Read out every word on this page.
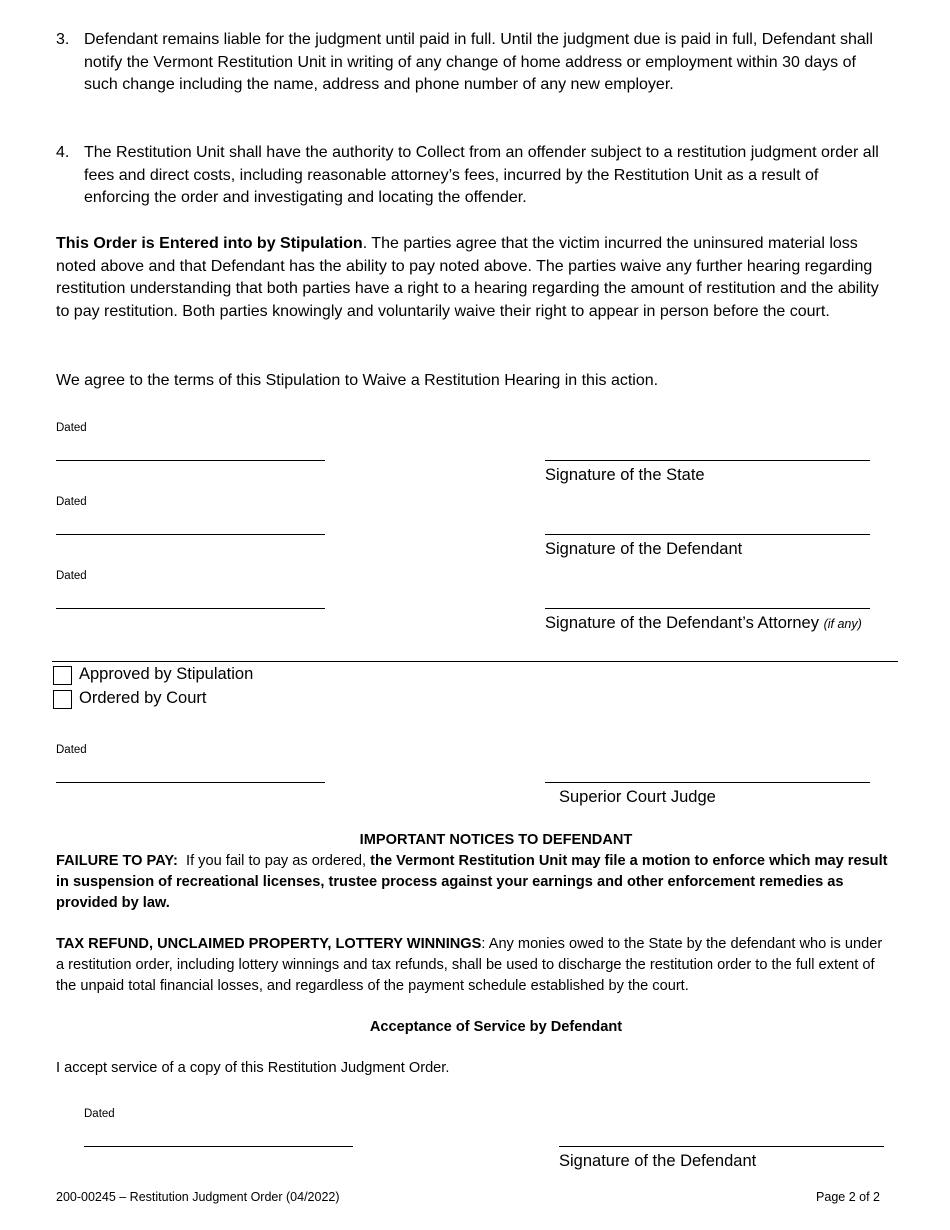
3. Defendant remains liable for the judgment until paid in full. Until the judgment due is paid in full, Defendant shall notify the Vermont Restitution Unit in writing of any change of home address or employment within 30 days of such change including the name, address and phone number of any new employer.
4. The Restitution Unit shall have the authority to Collect from an offender subject to a restitution judgment order all fees and direct costs, including reasonable attorney’s fees, incurred by the Restitution Unit as a result of enforcing the order and investigating and locating the offender.
This Order is Entered into by Stipulation. The parties agree that the victim incurred the uninsured material loss noted above and that Defendant has the ability to pay noted above. The parties waive any further hearing regarding restitution understanding that both parties have a right to a hearing regarding the amount of restitution and the ability to pay restitution. Both parties knowingly and voluntarily waive their right to appear in person before the court.
We agree to the terms of this Stipulation to Waive a Restitution Hearing in this action.
Dated
Signature of the State
Dated
Signature of the Defendant
Dated
Signature of the Defendant’s Attorney (if any)
Approved by Stipulation
Ordered by Court
Dated
Superior Court Judge
IMPORTANT NOTICES TO DEFENDANT
FAILURE TO PAY:  If you fail to pay as ordered, the Vermont Restitution Unit may file a motion to enforce which may result in suspension of recreational licenses, trustee process against your earnings and other enforcement remedies as provided by law.
TAX REFUND, UNCLAIMED PROPERTY, LOTTERY WINNINGS: Any monies owed to the State by the defendant who is under a restitution order, including lottery winnings and tax refunds, shall be used to discharge the restitution order to the full extent of the unpaid total financial losses, and regardless of the payment schedule established by the court.
Acceptance of Service by Defendant
I accept service of a copy of this Restitution Judgment Order.
Dated
Signature of the Defendant
200-00245 – Restitution Judgment Order (04/2022)	Page 2 of 2
